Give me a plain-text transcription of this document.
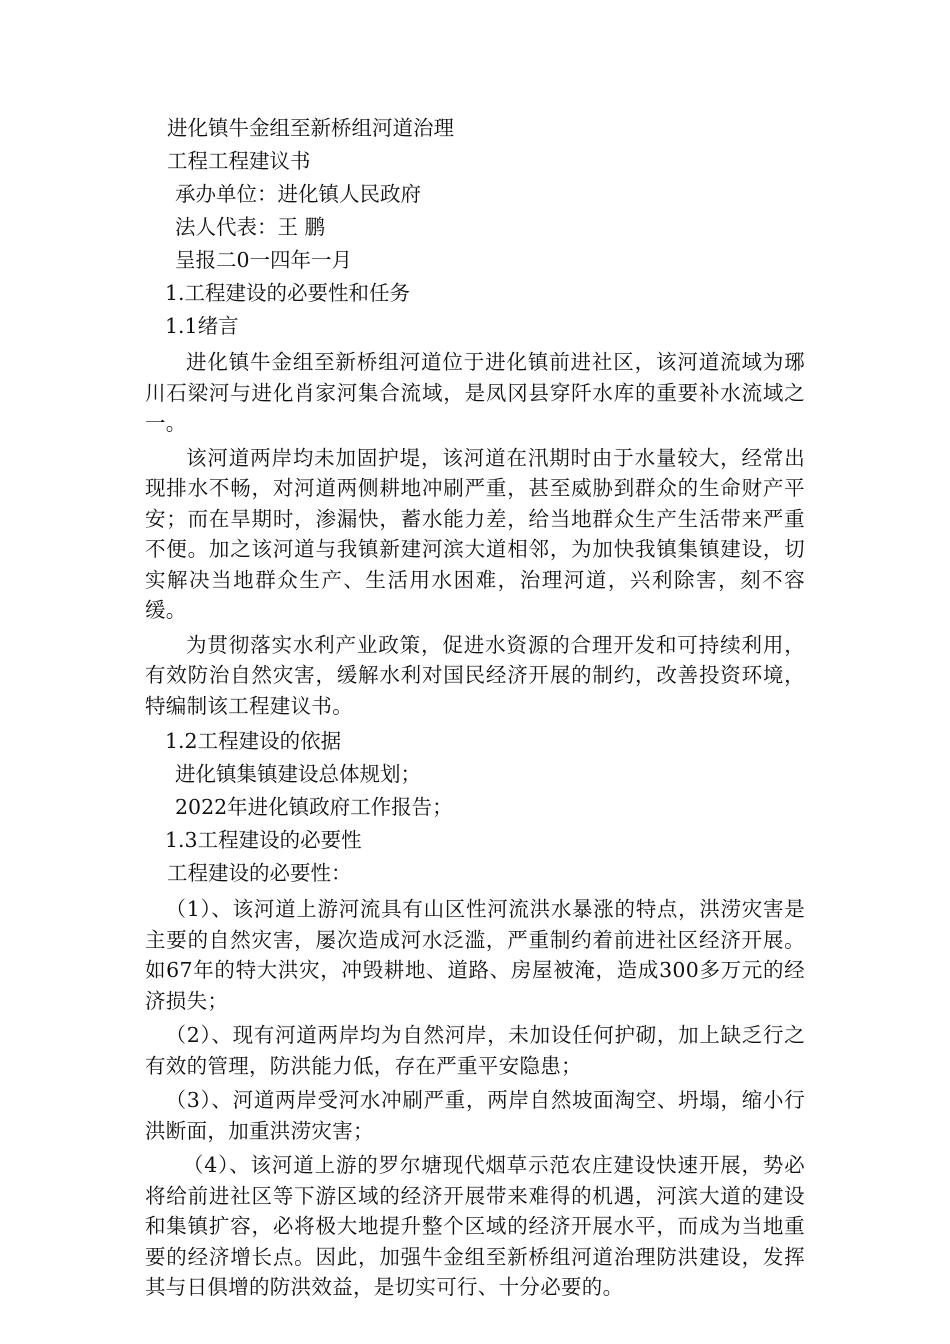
进化镇牛金组至新桥组河道治理

工程工程建议书

承办单位：进化镇人民政府

法人代表：王 鹏

呈报二0一四年一月

1.工程建设的必要性和任务

1.1绪言

进化镇牛金组至新桥组河道位于进化镇前进社区，该河道流域为琊川石梁河与进化肖家河集合流域，是凤冈县穿阡水库的重要补水流域之一。

该河道两岸均未加固护堤，该河道在汛期时由于水量较大，经常出现排水不畅，对河道两侧耕地冲刷严重，甚至威胁到群众的生命财产平安；而在旱期时，渗漏快，蓄水能力差，给当地群众生产生活带来严重不便。加之该河道与我镇新建河滨大道相邻，为加快我镇集镇建设，切实解决当地群众生产、生活用水困难，治理河道，兴利除害，刻不容缓。

为贯彻落实水利产业政策，促进水资源的合理开发和可持续利用，有效防治自然灾害，缓解水利对国民经济开展的制约，改善投资环境，特编制该工程建议书。

1.2工程建设的依据

进化镇集镇建设总体规划；

2022年进化镇政府工作报告；

1.3工程建设的必要性

工程建设的必要性：

（1）、该河道上游河流具有山区性河流洪水暴涨的特点，洪涝灾害是主要的自然灾害，屡次造成河水泛滥，严重制约着前进社区经济开展。如67年的特大洪灾，冲毁耕地、道路、房屋被淹，造成300多万元的经济损失；

（2）、现有河道两岸均为自然河岸，未加设任何护砌，加上缺乏行之有效的管理，防洪能力低，存在严重平安隐患；

（3）、河道两岸受河水冲刷严重，两岸自然坡面淘空、坍塌，缩小行洪断面，加重洪涝灾害；

（4）、该河道上游的罗尔塘现代烟草示范农庄建设快速开展，势必将给前进社区等下游区域的经济开展带来难得的机遇，河滨大道的建设和集镇扩容，必将极大地提升整个区域的经济开展水平，而成为当地重要的经济增长点。因此，加强牛金组至新桥组河道治理防洪建设，发挥其与日俱增的防洪效益，是切实可行、十分必要的。
